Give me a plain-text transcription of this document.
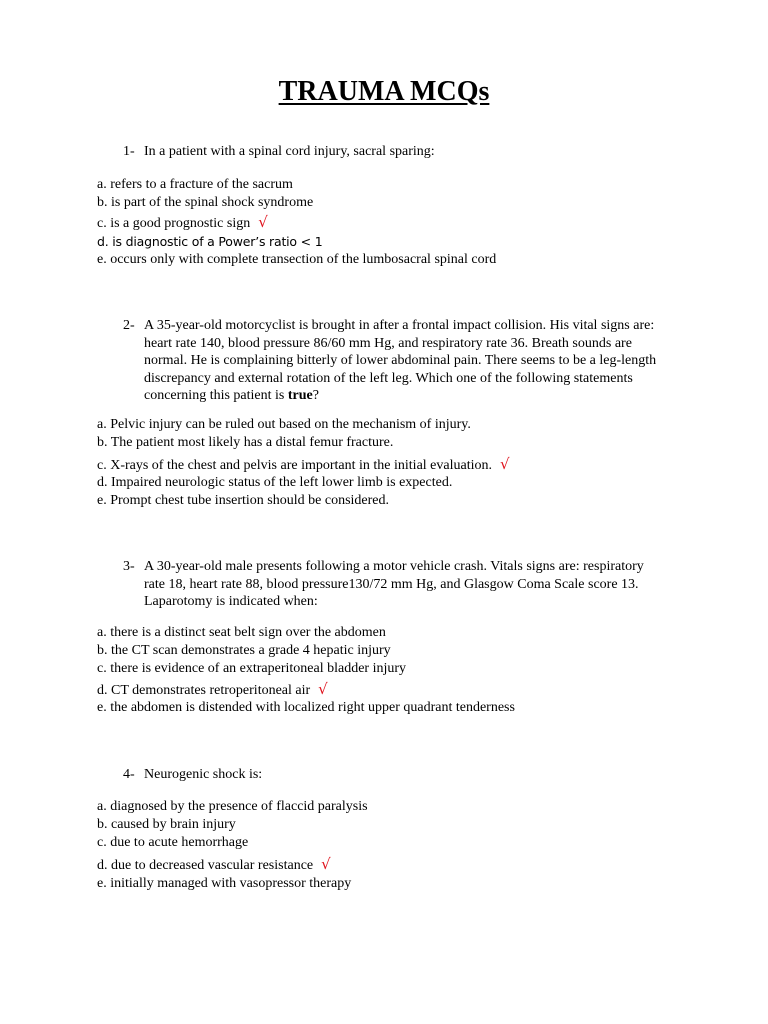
TRAUMA MCQs
1- In a patient with a spinal cord injury, sacral sparing:
a. refers to a fracture of the sacrum
b. is part of the spinal shock syndrome
c. is a good prognostic sign √
d. is diagnostic of a Power’s ratio < 1
e. occurs only with complete transection of the lumbosacral spinal cord
2- A 35-year-old motorcyclist is brought in after a frontal impact collision. His vital signs are:
heart rate 140, blood pressure 86/60 mm Hg, and respiratory rate 36. Breath sounds are
normal. He is complaining bitterly of lower abdominal pain. There seems to be a leg-length
discrepancy and external rotation of the left leg. Which one of the following statements
concerning this patient is true?
a. Pelvic injury can be ruled out based on the mechanism of injury.
b. The patient most likely has a distal femur fracture.
c. X-rays of the chest and pelvis are important in the initial evaluation. √
d. Impaired neurologic status of the left lower limb is expected.
e. Prompt chest tube insertion should be considered.
3- A 30-year-old male presents following a motor vehicle crash. Vitals signs are: respiratory
rate 18, heart rate 88, blood pressure130/72 mm Hg, and Glasgow Coma Scale score 13.
Laparotomy is indicated when:
a. there is a distinct seat belt sign over the abdomen
b. the CT scan demonstrates a grade 4 hepatic injury
c. there is evidence of an extraperitoneal bladder injury
d. CT demonstrates retroperitoneal air √
e. the abdomen is distended with localized right upper quadrant tenderness
4- Neurogenic shock is:
a. diagnosed by the presence of flaccid paralysis
b. caused by brain injury
c. due to acute hemorrhage
d. due to decreased vascular resistance √
e. initially managed with vasopressor therapy
